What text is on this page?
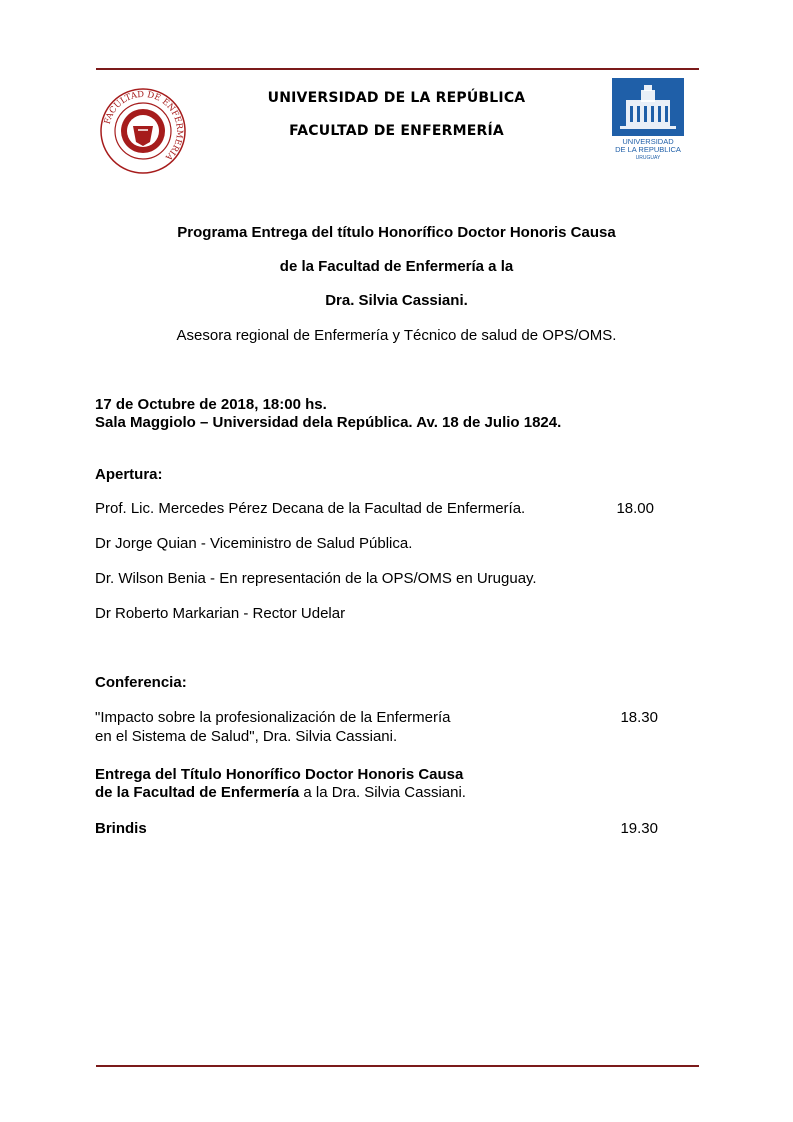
FACULTAD DE ENFERMERIA
UNIVERSIDAD DE LA REPÚBLICA
FACULTAD DE ENFERMERÍA
UNIVERSIDAD
DE LA REPUBLICA
URUGUAY
Programa Entrega del título Honorífico Doctor Honoris Causa
de la Facultad de Enfermería a la
Dra. Silvia Cassiani.
Asesora regional de Enfermería y Técnico de salud de OPS/OMS.
17 de Octubre de 2018, 18:00 hs.
Sala Maggiolo – Universidad dela República. Av. 18 de Julio 1824.
Apertura:
Prof. Lic. Mercedes Pérez Decana de la Facultad de Enfermería.	18.00
Dr Jorge Quian - Viceministro de Salud Pública.
Dr. Wilson Benia - En representación de la OPS/OMS en Uruguay.
Dr Roberto Markarian - Rector Udelar
Conferencia:
"Impacto sobre la profesionalización de la Enfermería
en el Sistema de Salud", Dra. Silvia Cassiani.
18.30
Entrega del Título Honorífico Doctor Honoris Causa
de la Facultad de Enfermería a la Dra. Silvia Cassiani.
Brindis	19.30
